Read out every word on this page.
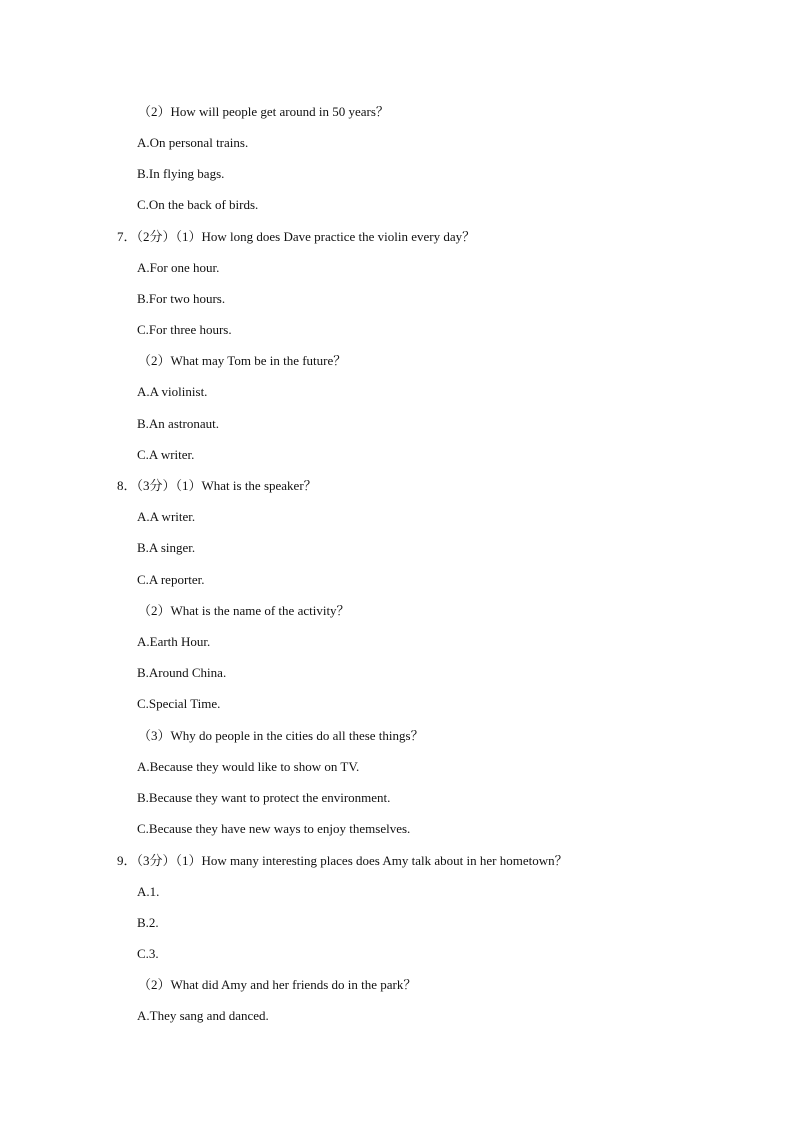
（2）How will people get around in 50 years？
A.On personal trains.
B.In flying bags.
C.On the back of birds.
7．（2分）（1）How long does Dave practice the violin every day？
A.For one hour.
B.For two hours.
C.For three hours.
（2）What may Tom be in the future？
A.A violinist.
B.An astronaut.
C.A writer.
8．（3分）（1）What is the speaker？
A.A writer.
B.A singer.
C.A reporter.
（2）What is the name of the activity？
A.Earth Hour.
B.Around China.
C.Special Time.
（3）Why do people in the cities do all these things？
A.Because they would like to show on TV.
B.Because they want to protect the environment.
C.Because they have new ways to enjoy themselves.
9．（3分）（1）How many interesting places does Amy talk about in her hometown？
A.1.
B.2.
C.3.
（2）What did Amy and her friends do in the park？
A.They sang and danced.
